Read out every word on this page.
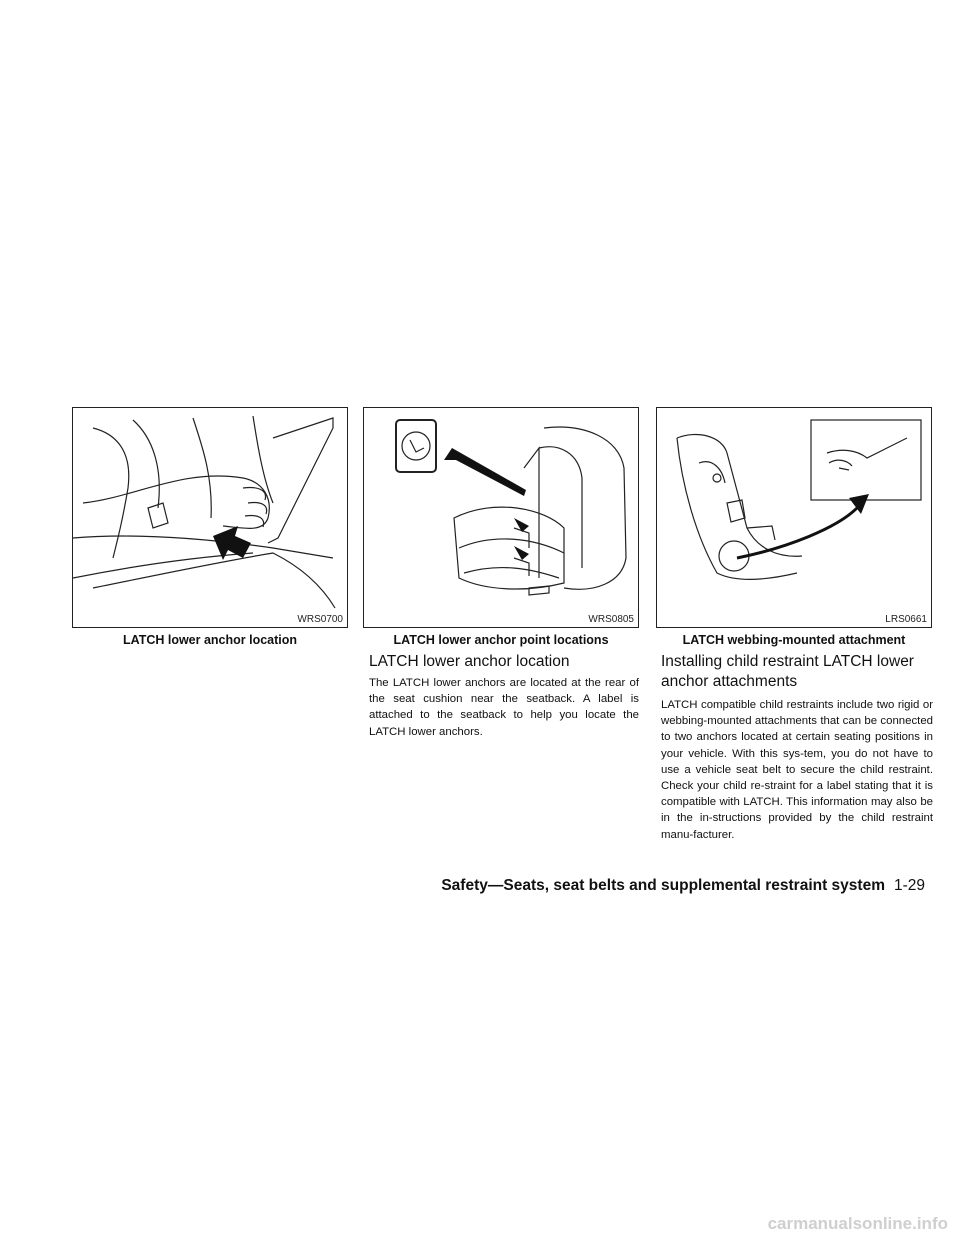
WRS0700
LATCH lower anchor location
WRS0805
LATCH lower anchor point locations
LRS0661
LATCH webbing-mounted attachment
LATCH lower anchor location

The LATCH lower anchors are located at the rear of the seat cushion near the seatback. A label is attached to the seatback to help you locate the LATCH lower anchors.

Installing child restraint LATCH lower anchor attachments

LATCH compatible child restraints include two rigid or webbing-mounted attachments that can be connected to two anchors located at certain seating positions in your vehicle. With this sys-tem, you do not have to use a vehicle seat belt to secure the child restraint. Check your child re-straint for a label stating that it is compatible with LATCH. This information may also be in the in-structions provided by the child restraint manu-facturer.

Safety—Seats, seat belts and supplemental restraint system 1-29
carmanualsonline.info
